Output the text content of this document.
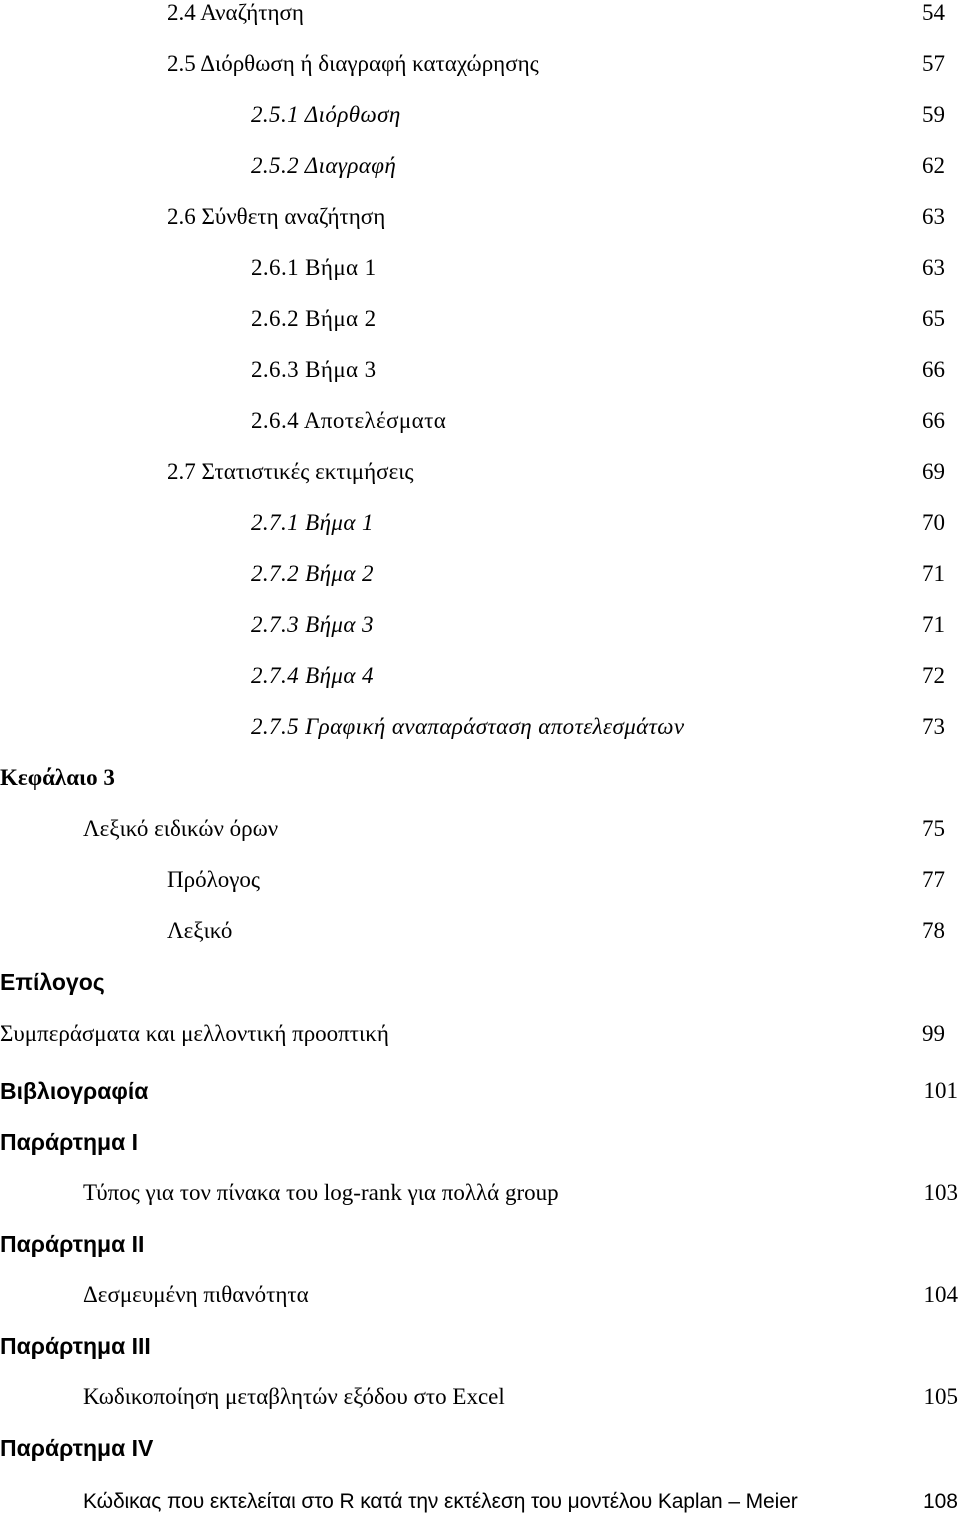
2.4 Αναζήτηση	54
2.5 Διόρθωση ή διαγραφή καταχώρησης	57
2.5.1 Διόρθωση	59
2.5.2 Διαγραφή	62
2.6 Σύνθετη αναζήτηση	63
2.6.1 Βήμα 1	63
2.6.2 Βήμα 2	65
2.6.3 Βήμα 3	66
2.6.4 Αποτελέσματα	66
2.7 Στατιστικές εκτιμήσεις	69
2.7.1 Βήμα 1	70
2.7.2 Βήμα 2	71
2.7.3 Βήμα 3	71
2.7.4 Βήμα 4	72
2.7.5 Γραφική αναπαράσταση αποτελεσμάτων	73
Κεφάλαιο 3
Λεξικό ειδικών όρων	75
Πρόλογος	77
Λεξικό	78
Επίλογος
Συμπεράσματα και μελλοντική προοπτική	99
Βιβλιογραφία	101
Παράρτημα Ι
Τύπος για τον πίνακα του log-rank για πολλά group	103
Παράρτημα ΙΙ
Δεσμευμένη πιθανότητα	104
Παράρτημα ΙΙΙ
Κωδικοποίηση μεταβλητών εξόδου στο Excel	105
Παράρτημα IV
Κώδικας που εκτελείται στο R κατά την εκτέλεση του μοντέλου Kaplan – Meier	108
